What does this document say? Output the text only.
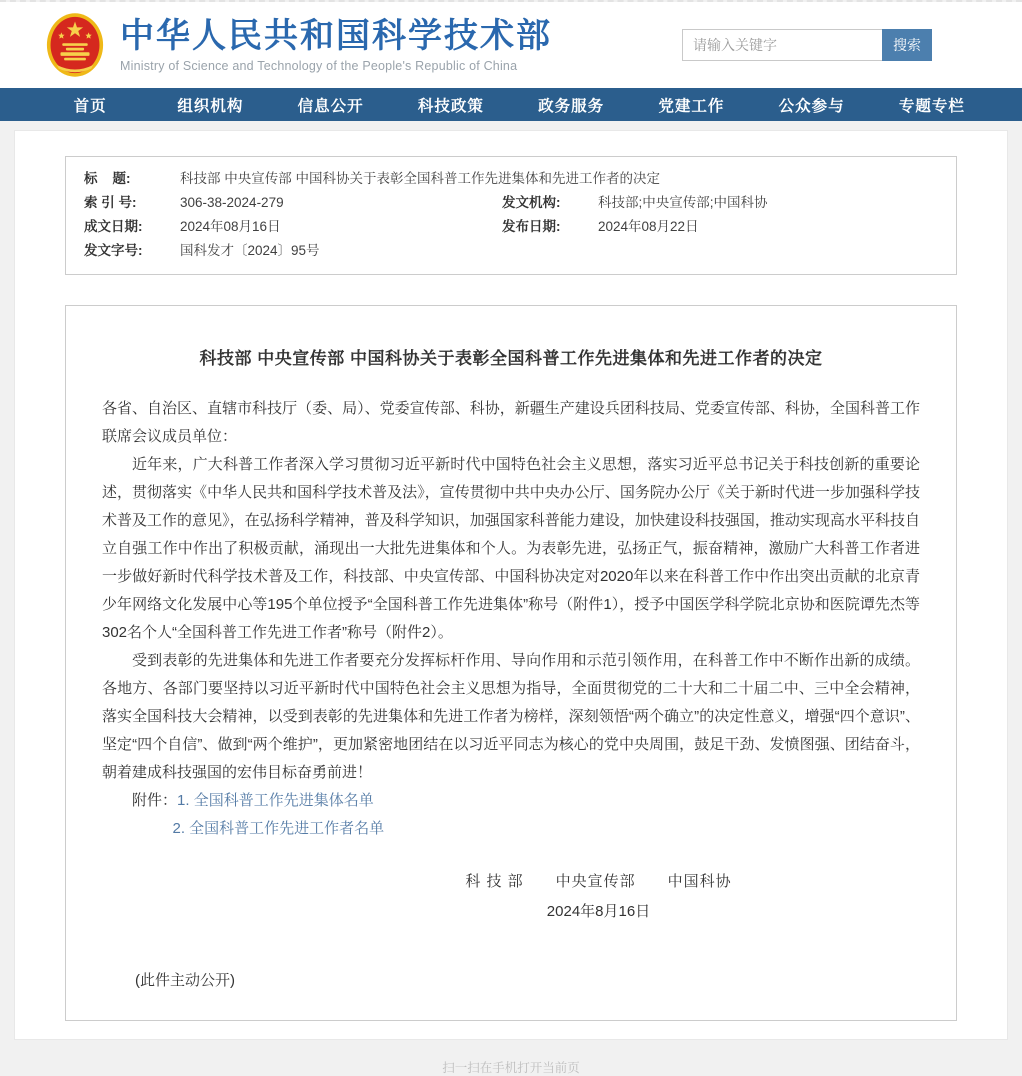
中华人民共和国科学技术部
Ministry of Science and Technology of the People's Republic of China
请输入关键字
搜索
首页	组织机构	信息公开	科技政策	政务服务	党建工作	公众参与	专题专栏
标    题:	科技部 中央宣传部 中国科协关于表彰全国科普工作先进集体和先进工作者的决定
索 引 号:	306-38-2024-279	发文机构:	科技部;中央宣传部;中国科协
成文日期:	2024年08月16日	发布日期:	2024年08月22日
发文字号:	国科发才〔2024〕95号
科技部 中央宣传部 中国科协关于表彰全国科普工作先进集体和先进工作者的决定

各省、自治区、直辖市科技厅（委、局）、党委宣传部、科协，新疆生产建设兵团科技局、党委宣传部、科协，全国科普工作联席会议成员单位：

近年来，广大科普工作者深入学习贯彻习近平新时代中国特色社会主义思想，落实习近平总书记关于科技创新的重要论述，贯彻落实《中华人民共和国科学技术普及法》，宣传贯彻中共中央办公厅、国务院办公厅《关于新时代进一步加强科学技术普及工作的意见》，在弘扬科学精神，普及科学知识，加强国家科普能力建设，加快建设科技强国，推动实现高水平科技自立自强工作中作出了积极贡献，涌现出一大批先进集体和个人。为表彰先进，弘扬正气，振奋精神，激励广大科普工作者进一步做好新时代科学技术普及工作，科技部、中央宣传部、中国科协决定对2020年以来在科普工作中作出突出贡献的北京青少年网络文化发展中心等195个单位授予“全国科普工作先进集体”称号（附件1），授予中国医学科学院北京协和医院谭先杰等302名个人“全国科普工作先进工作者”称号（附件2）。

受到表彰的先进集体和先进工作者要充分发挥标杆作用、导向作用和示范引领作用，在科普工作中不断作出新的成绩。各地方、各部门要坚持以习近平新时代中国特色社会主义思想为指导，全面贯彻党的二十大和二十届二中、三中全会精神，落实全国科技大会精神，以受到表彰的先进集体和先进工作者为榜样，深刻领悟“两个确立”的决定性意义，增强“四个意识”、坚定“四个自信”、做到“两个维护”，更加紧密地团结在以习近平同志为核心的党中央周围，鼓足干劲、发愤图强、团结奋斗，朝着建成科技强国的宏伟目标奋勇前进！

附件：1. 全国科普工作先进集体名单
2. 全国科普工作先进工作者名单
科 技 部　　中央宣传部　　中国科协
2024年8月16日
(此件主动公开)
扫一扫在手机打开当前页
